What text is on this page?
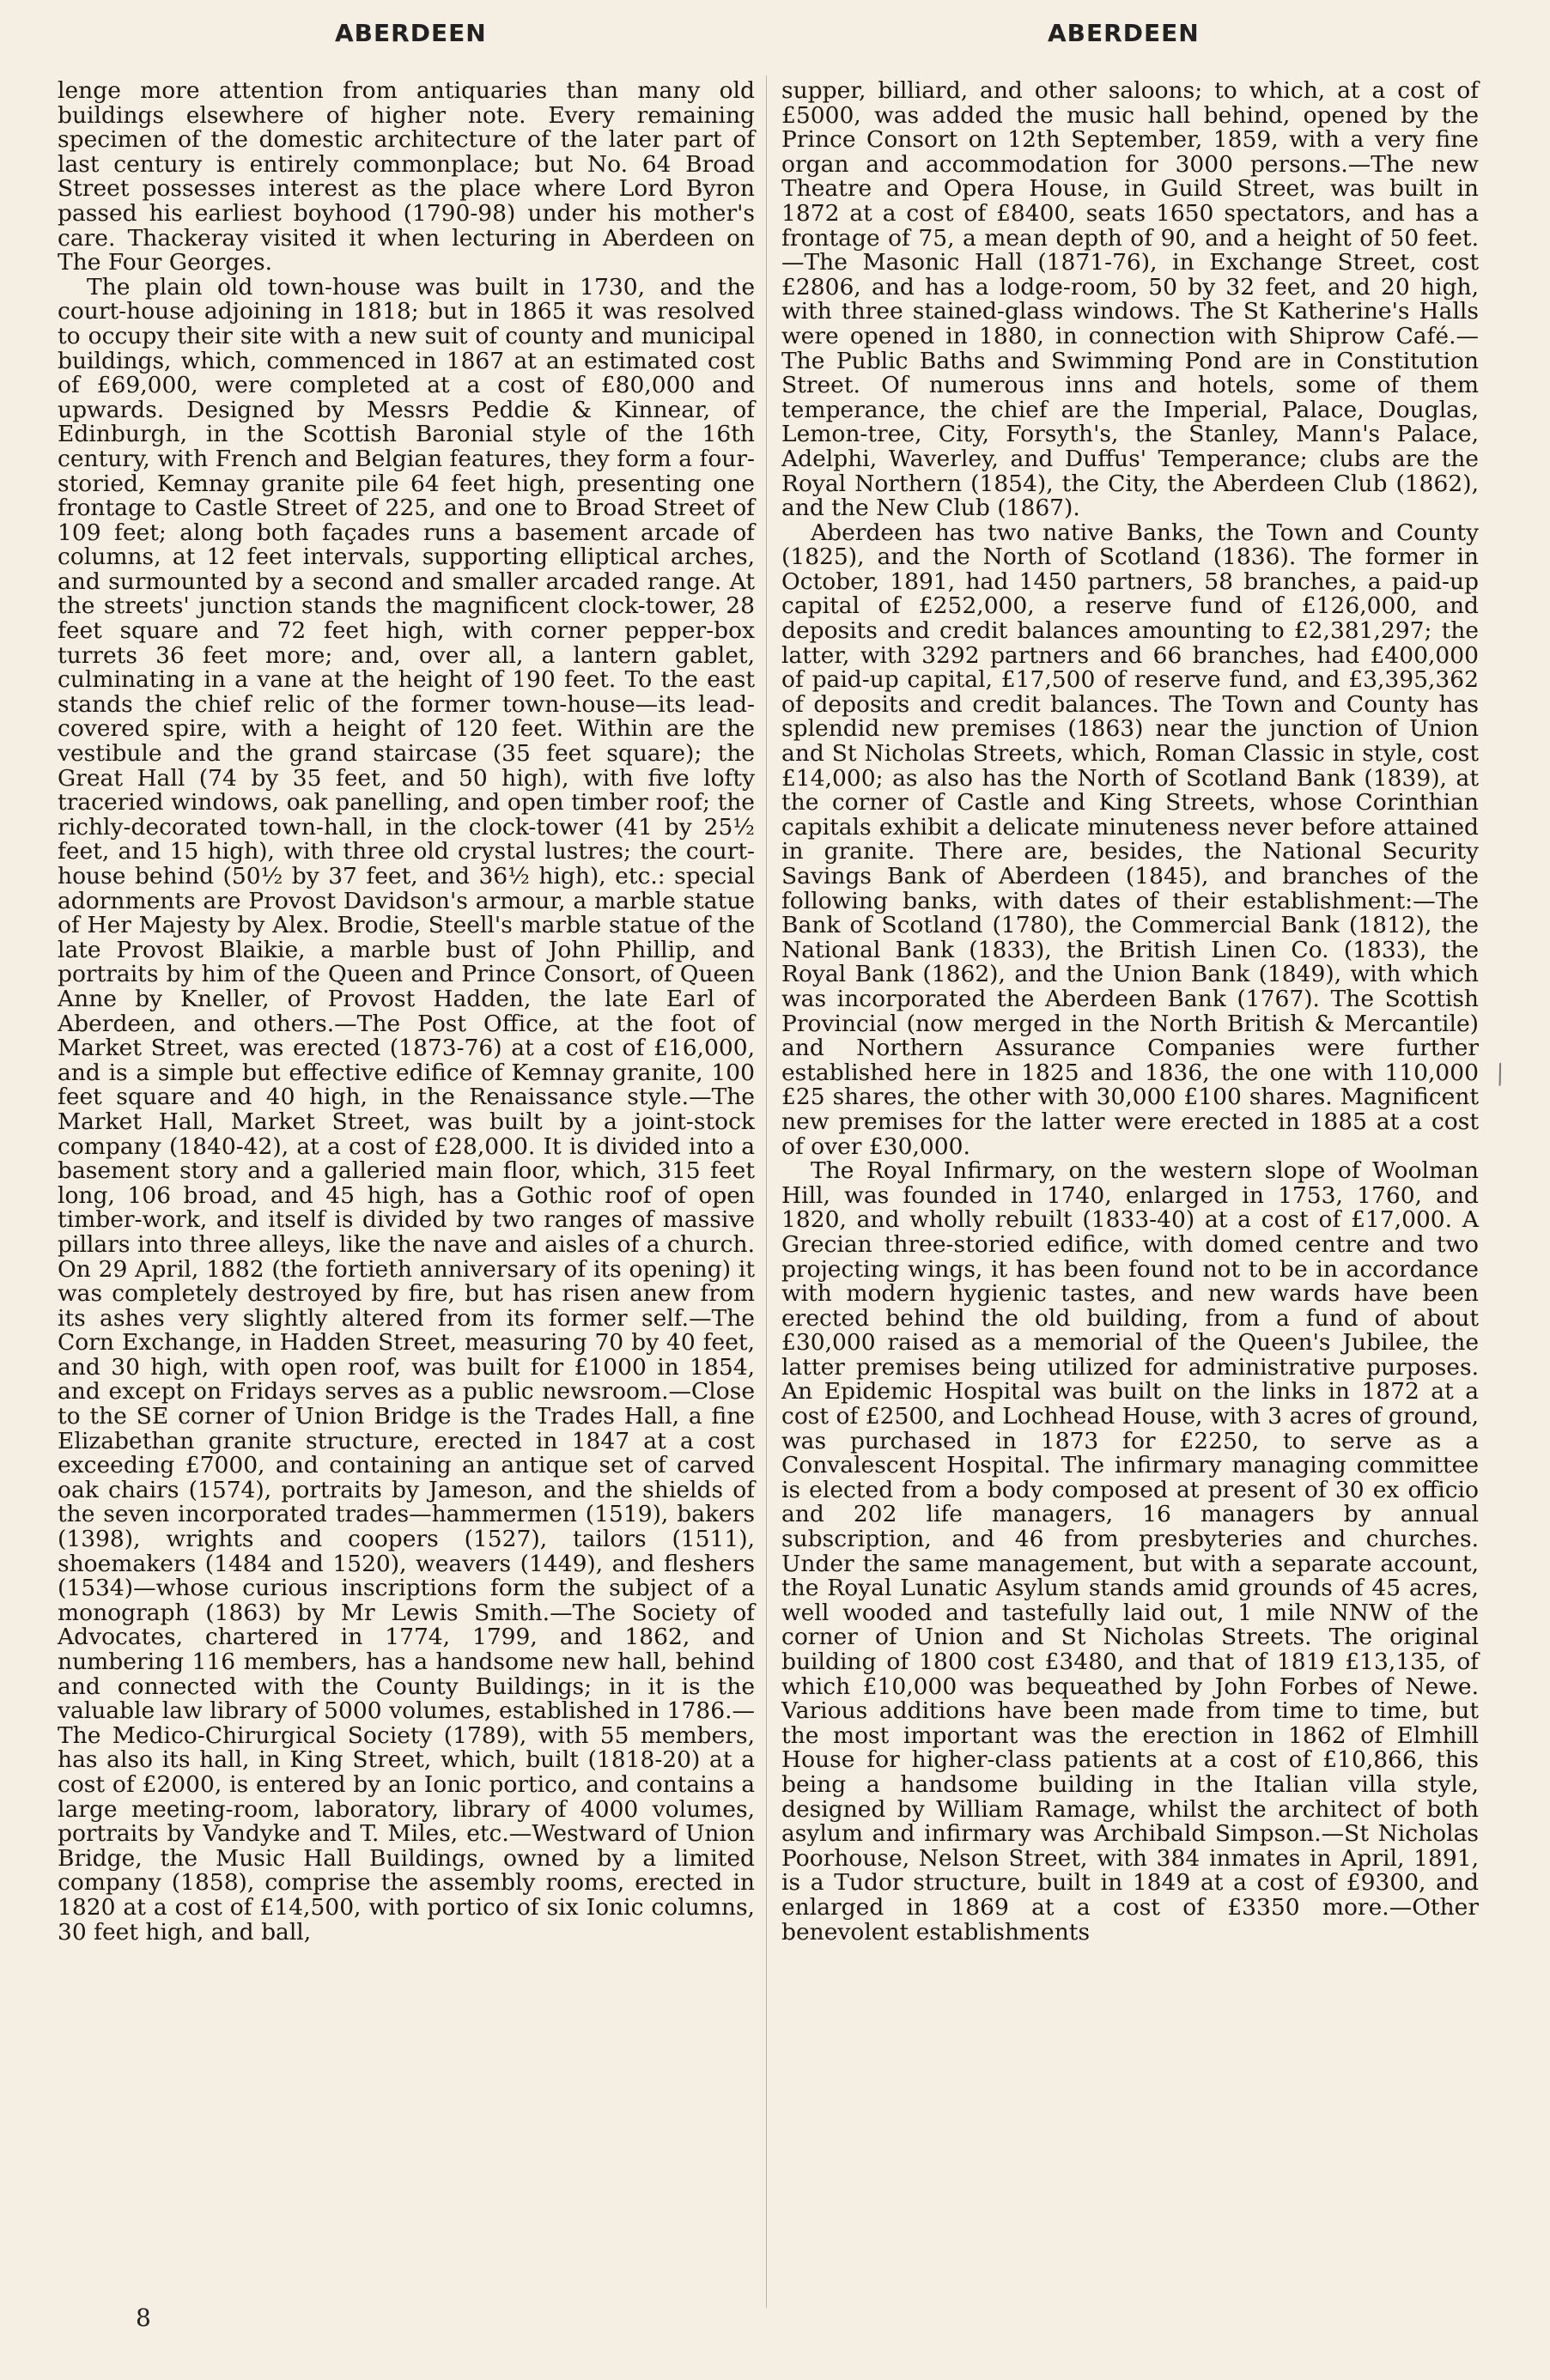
ABERDEEN	ABERDEEN

lenge more attention from antiquaries than many old buildings elsewhere of higher note. Every remaining specimen of the domestic architecture of the later part of last century is entirely commonplace; but No. 64 Broad Street possesses interest as the place where Lord Byron passed his earliest boyhood (1790-98) under his mother's care. Thackeray visited it when lecturing in Aberdeen on The Four Georges.

The plain old town-house was built in 1730, and the court-house adjoining in 1818; but in 1865 it was resolved to occupy their site with a new suit of county and municipal buildings, which, commenced in 1867 at an estimated cost of £69,000, were completed at a cost of £80,000 and upwards. Designed by Messrs Peddie & Kinnear, of Edinburgh, in the Scottish Baronial style of the 16th century, with French and Belgian features, they form a four-storied, Kemnay granite pile 64 feet high, presenting one frontage to Castle Street of 225, and one to Broad Street of 109 feet; along both façades runs a basement arcade of columns, at 12 feet intervals, supporting elliptical arches, and surmounted by a second and smaller arcaded range. At the streets' junction stands the magnificent clock-tower, 28 feet square and 72 feet high, with corner pepper-box turrets 36 feet more; and, over all, a lantern gablet, culminating in a vane at the height of 190 feet. To the east stands the chief relic of the former town-house—its lead-covered spire, with a height of 120 feet. Within are the vestibule and the grand staircase (35 feet square); the Great Hall (74 by 35 feet, and 50 high), with five lofty traceried windows, oak panelling, and open timber roof; the richly-decorated town-hall, in the clock-tower (41 by 25½ feet, and 15 high), with three old crystal lustres; the court-house behind (50½ by 37 feet, and 36½ high), etc.: special adornments are Provost Davidson's armour, a marble statue of Her Majesty by Alex. Brodie, Steell's marble statue of the late Provost Blaikie, a marble bust of John Phillip, and portraits by him of the Queen and Prince Consort, of Queen Anne by Kneller, of Provost Hadden, the late Earl of Aberdeen, and others.—The Post Office, at the foot of Market Street, was erected (1873-76) at a cost of £16,000, and is a simple but effective edifice of Kemnay granite, 100 feet square and 40 high, in the Renaissance style.—The Market Hall, Market Street, was built by a joint-stock company (1840-42), at a cost of £28,000. It is divided into a basement story and a galleried main floor, which, 315 feet long, 106 broad, and 45 high, has a Gothic roof of open timber-work, and itself is divided by two ranges of massive pillars into three alleys, like the nave and aisles of a church. On 29 April, 1882 (the fortieth anniversary of its opening) it was completely destroyed by fire, but has risen anew from its ashes very slightly altered from its former self.—The Corn Exchange, in Hadden Street, measuring 70 by 40 feet, and 30 high, with open roof, was built for £1000 in 1854, and except on Fridays serves as a public newsroom.—Close to the SE corner of Union Bridge is the Trades Hall, a fine Elizabethan granite structure, erected in 1847 at a cost exceeding £7000, and containing an antique set of carved oak chairs (1574), portraits by Jameson, and the shields of the seven incorporated trades—hammermen (1519), bakers (1398), wrights and coopers (1527), tailors (1511), shoemakers (1484 and 1520), weavers (1449), and fleshers (1534)—whose curious inscriptions form the subject of a monograph (1863) by Mr Lewis Smith.—The Society of Advocates, chartered in 1774, 1799, and 1862, and numbering 116 members, has a handsome new hall, behind and connected with the County Buildings; in it is the valuable law library of 5000 volumes, established in 1786.—The Medico-Chirurgical Society (1789), with 55 members, has also its hall, in King Street, which, built (1818-20) at a cost of £2000, is entered by an Ionic portico, and contains a large meeting-room, laboratory, library of 4000 volumes, portraits by Vandyke and T. Miles, etc.—Westward of Union Bridge, the Music Hall Buildings, owned by a limited company (1858), comprise the assembly rooms, erected in 1820 at a cost of £14,500, with portico of six Ionic columns, 30 feet high, and ball,

supper, billiard, and other saloons; to which, at a cost of £5000, was added the music hall behind, opened by the Prince Consort on 12th September, 1859, with a very fine organ and accommodation for 3000 persons.—The new Theatre and Opera House, in Guild Street, was built in 1872 at a cost of £8400, seats 1650 spectators, and has a frontage of 75, a mean depth of 90, and a height of 50 feet.—The Masonic Hall (1871-76), in Exchange Street, cost £2806, and has a lodge-room, 50 by 32 feet, and 20 high, with three stained-glass windows. The St Katherine's Halls were opened in 1880, in connection with Shiprow Café.—The Public Baths and Swimming Pond are in Constitution Street. Of numerous inns and hotels, some of them temperance, the chief are the Imperial, Palace, Douglas, Lemon-tree, City, Forsyth's, the Stanley, Mann's Palace, Adelphi, Waverley, and Duffus' Temperance; clubs are the Royal Northern (1854), the City, the Aberdeen Club (1862), and the New Club (1867).

Aberdeen has two native Banks, the Town and County (1825), and the North of Scotland (1836). The former in October, 1891, had 1450 partners, 58 branches, a paid-up capital of £252,000, a reserve fund of £126,000, and deposits and credit balances amounting to £2,381,297; the latter, with 3292 partners and 66 branches, had £400,000 of paid-up capital, £17,500 of reserve fund, and £3,395,362 of deposits and credit balances. The Town and County has splendid new premises (1863) near the junction of Union and St Nicholas Streets, which, Roman Classic in style, cost £14,000; as also has the North of Scotland Bank (1839), at the corner of Castle and King Streets, whose Corinthian capitals exhibit a delicate minuteness never before attained in granite. There are, besides, the National Security Savings Bank of Aberdeen (1845), and branches of the following banks, with dates of their establishment:—The Bank of Scotland (1780), the Commercial Bank (1812), the National Bank (1833), the British Linen Co. (1833), the Royal Bank (1862), and the Union Bank (1849), with which was incorporated the Aberdeen Bank (1767). The Scottish Provincial (now merged in the North British & Mercantile) and Northern Assurance Companies were further established here in 1825 and 1836, the one with 110,000 £25 shares, the other with 30,000 £100 shares. Magnificent new premises for the latter were erected in 1885 at a cost of over £30,000.

The Royal Infirmary, on the western slope of Woolman Hill, was founded in 1740, enlarged in 1753, 1760, and 1820, and wholly rebuilt (1833-40) at a cost of £17,000. A Grecian three-storied edifice, with domed centre and two projecting wings, it has been found not to be in accordance with modern hygienic tastes, and new wards have been erected behind the old building, from a fund of about £30,000 raised as a memorial of the Queen's Jubilee, the latter premises being utilized for administrative purposes. An Epidemic Hospital was built on the links in 1872 at a cost of £2500, and Lochhead House, with 3 acres of ground, was purchased in 1873 for £2250, to serve as a Convalescent Hospital. The infirmary managing committee is elected from a body composed at present of 30 ex officio and 202 life managers, 16 managers by annual subscription, and 46 from presbyteries and churches. Under the same management, but with a separate account, the Royal Lunatic Asylum stands amid grounds of 45 acres, well wooded and tastefully laid out, 1 mile NNW of the corner of Union and St Nicholas Streets. The original building of 1800 cost £3480, and that of 1819 £13,135, of which £10,000 was bequeathed by John Forbes of Newe. Various additions have been made from time to time, but the most important was the erection in 1862 of Elmhill House for higher-class patients at a cost of £10,866, this being a handsome building in the Italian villa style, designed by William Ramage, whilst the architect of both asylum and infirmary was Archibald Simpson.—St Nicholas Poorhouse, Nelson Street, with 384 inmates in April, 1891, is a Tudor structure, built in 1849 at a cost of £9300, and enlarged in 1869 at a cost of £3350 more.—Other benevolent establishments

⁄
8
